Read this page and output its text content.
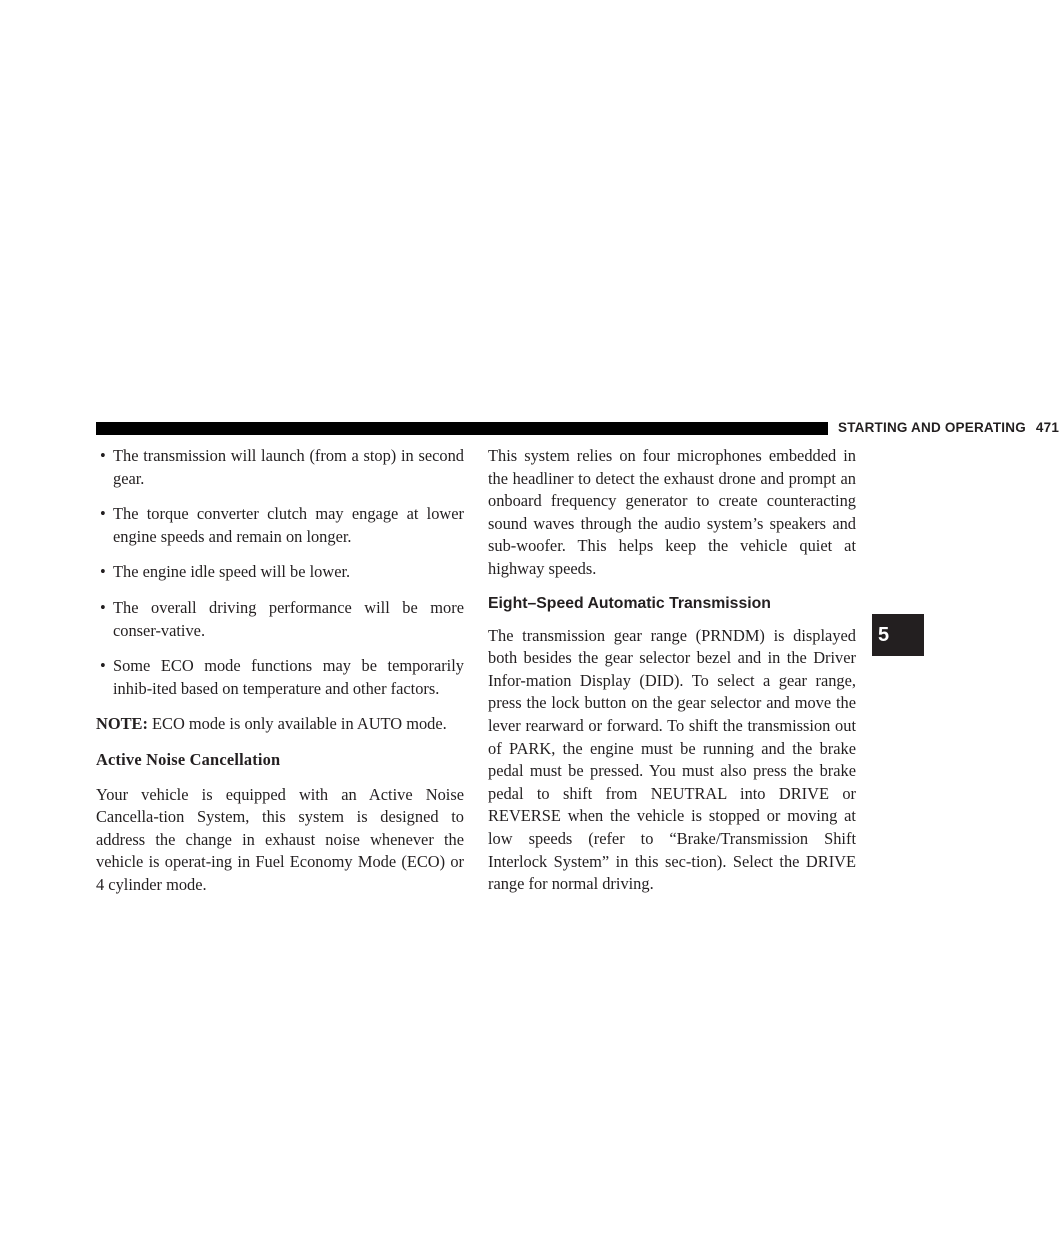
STARTING AND OPERATING 471
5
• The transmission will launch (from a stop) in second gear.
• The torque converter clutch may engage at lower engine speeds and remain on longer.
• The engine idle speed will be lower.
• The overall driving performance will be more conser-vative.
• Some ECO mode functions may be temporarily inhib-ited based on temperature and other factors.

NOTE: ECO mode is only available in AUTO mode.

Active Noise Cancellation

Your vehicle is equipped with an Active Noise Cancella-tion System, this system is designed to address the change in exhaust noise whenever the vehicle is operat-ing in Fuel Economy Mode (ECO) or 4 cylinder mode.

This system relies on four microphones embedded in the headliner to detect the exhaust drone and prompt an onboard frequency generator to create counteracting sound waves through the audio system’s speakers and sub-woofer. This helps keep the vehicle quiet at highway speeds.

Eight–Speed Automatic Transmission

The transmission gear range (PRNDM) is displayed both besides the gear selector bezel and in the Driver Infor-mation Display (DID). To select a gear range, press the lock button on the gear selector and move the lever rearward or forward. To shift the transmission out of PARK, the engine must be running and the brake pedal must be pressed. You must also press the brake pedal to shift from NEUTRAL into DRIVE or REVERSE when the vehicle is stopped or moving at low speeds (refer to “Brake/Transmission Shift Interlock System” in this sec-tion). Select the DRIVE range for normal driving.
